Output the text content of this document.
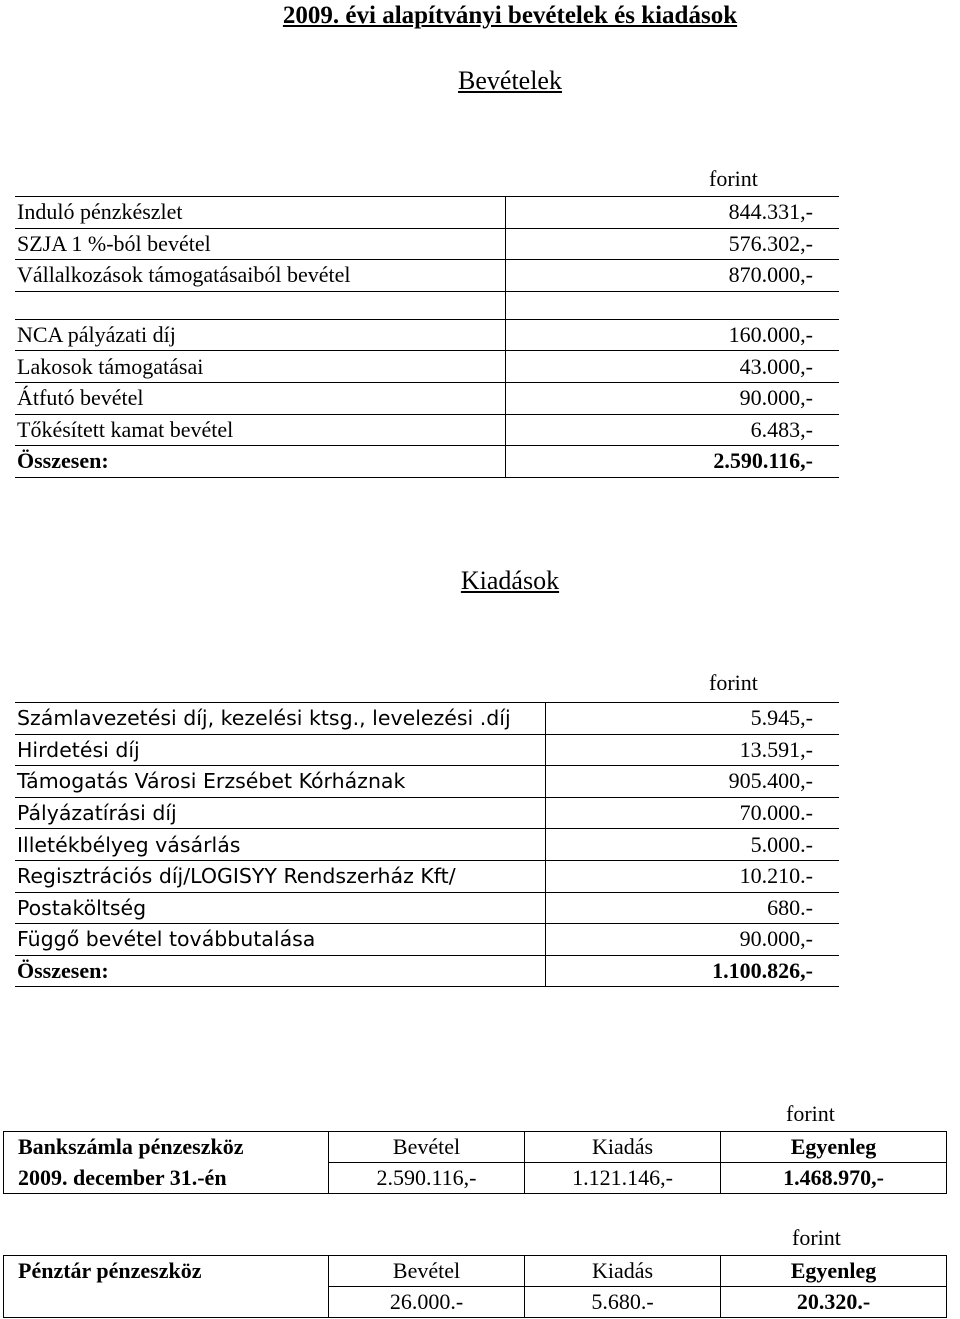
2009. évi alapítványi bevételek és kiadások
Bevételek
forint
Induló pénzkészlet	844.331,-
SZJA 1 %-ból bevétel	576.302,-
Vállalkozások támogatásaiból bevétel	870.000,-

NCA pályázati díj	160.000,-
Lakosok támogatásai	43.000,-
Átfutó bevétel	90.000,-
Tőkésített kamat bevétel	6.483,-
Összesen:	2.590.116,-
Kiadások
forint
Számlavezetési díj, kezelési ktsg., levelezési .díj	5.945,-
Hirdetési díj	13.591,-
Támogatás Városi Erzsébet Kórháznak	905.400,-
Pályázatírási díj	70.000.-
Illetékbélyeg vásárlás	5.000.-
Regisztrációs díj/LOGISYY Rendszerház Kft/	10.210.-
Postaköltség	680.-
Függő bevétel továbbutalása	90.000,-
Összesen:	1.100.826,-
forint
Bankszámla pénzeszköz	Bevétel	Kiadás	Egyenleg
2009. december 31.-én	2.590.116,-	1.121.146,-	1.468.970,-
forint
Pénztár pénzeszköz	Bevétel	Kiadás	Egyenleg
	26.000.-	5.680.-	20.320.-
